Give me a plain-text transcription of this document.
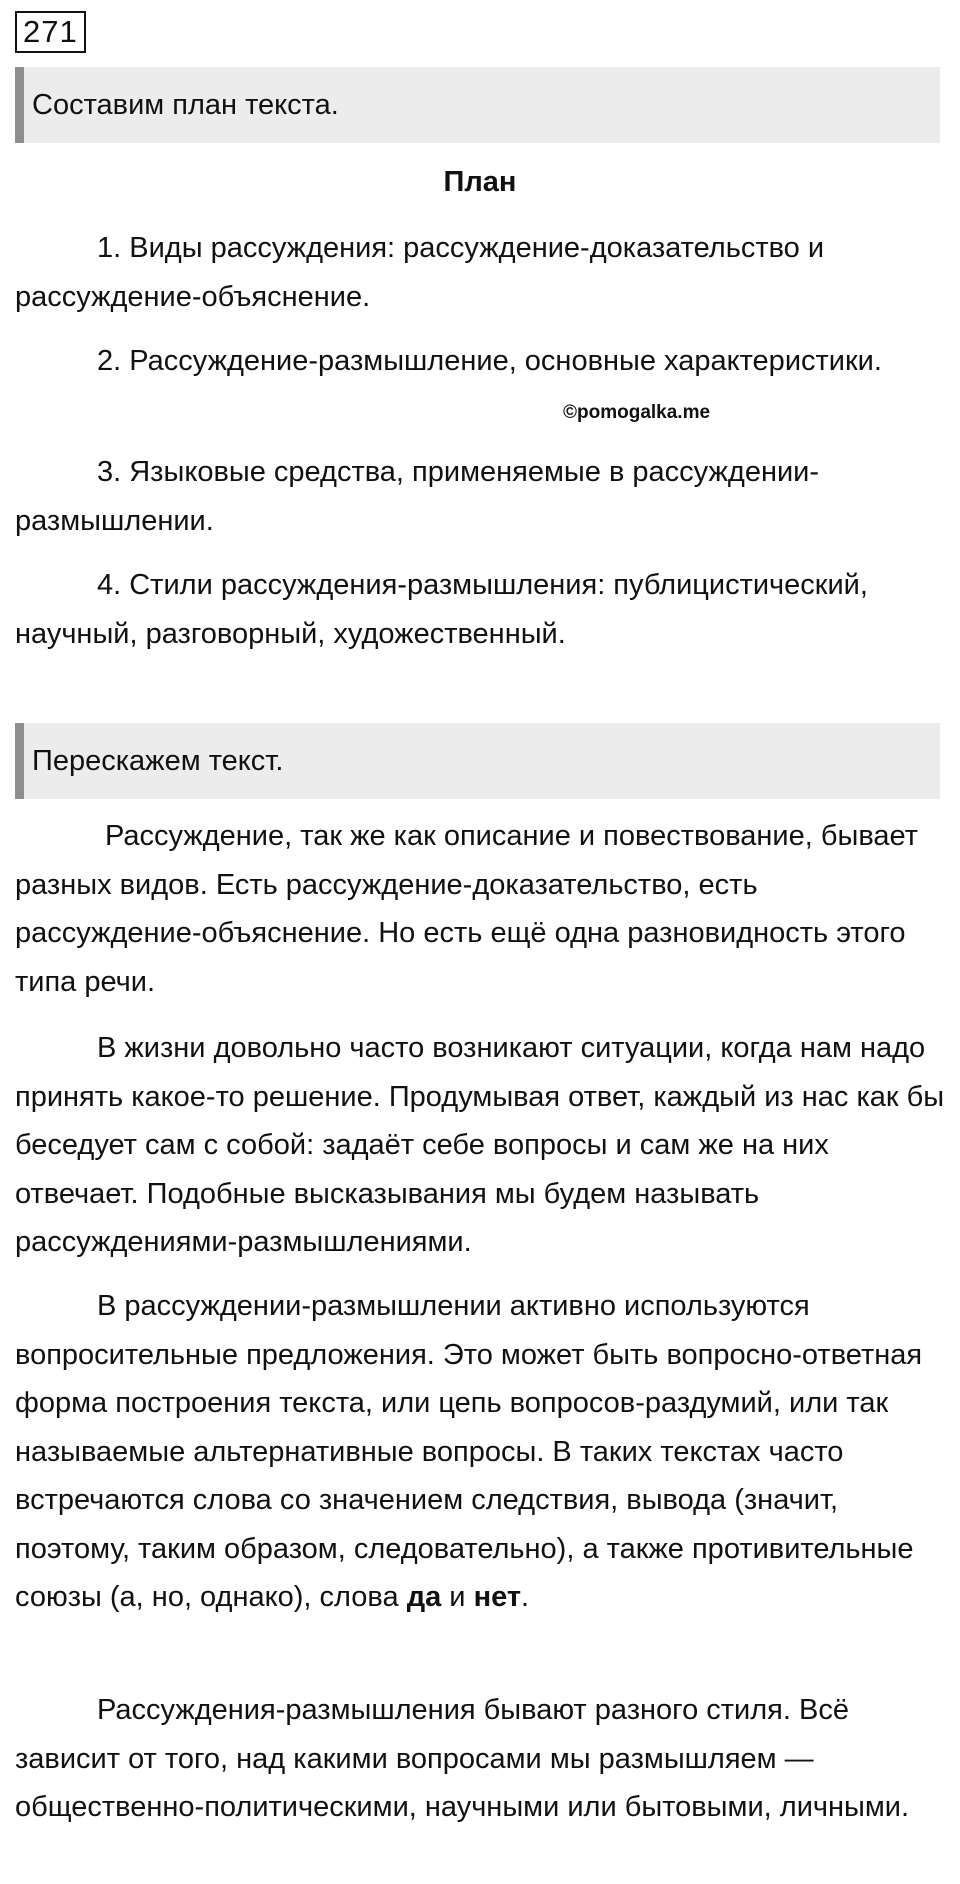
271
Составим план текста.
План

1. Виды рассуждения: рассуждение-доказательство и рассуждение-объяснение.

2. Рассуждение-размышление, основные характеристики.

3. Языковые средства, применяемые в рассуждении-размышлении.

4. Стили рассуждения-размышления: публицистический, научный, разговорный, художественный.

©pomogalka.me
Перескажем текст.

Рассуждение, так же как описание и повествование, бывает разных видов. Есть рассуждение-доказательство, есть рассуждение-объяснение. Но есть ещё одна разновидность этого типа речи.

В жизни довольно часто возникают ситуации, когда нам надо принять какое-то решение. Продумывая ответ, каждый из нас как бы беседует сам с собой: задаёт себе вопросы и сам же на них отвечает. Подобные высказывания мы будем называть рассуждениями-размышлениями.

В рассуждении-размышлении активно используются вопросительные предложения. Это может быть вопросно-ответная форма построения текста, или цепь вопросов-раздумий, или так называемые альтернативные вопросы. В таких текстах часто встречаются слова со значением следствия, вывода (значит, поэтому, таким образом, следовательно), а также противительные союзы (а, но, однако), слова да и нет.

Рассуждения-размышления бывают разного стиля. Всё зависит от того, над какими вопросами мы размышляем — общественно-политическими, научными или бытовыми, личными.
